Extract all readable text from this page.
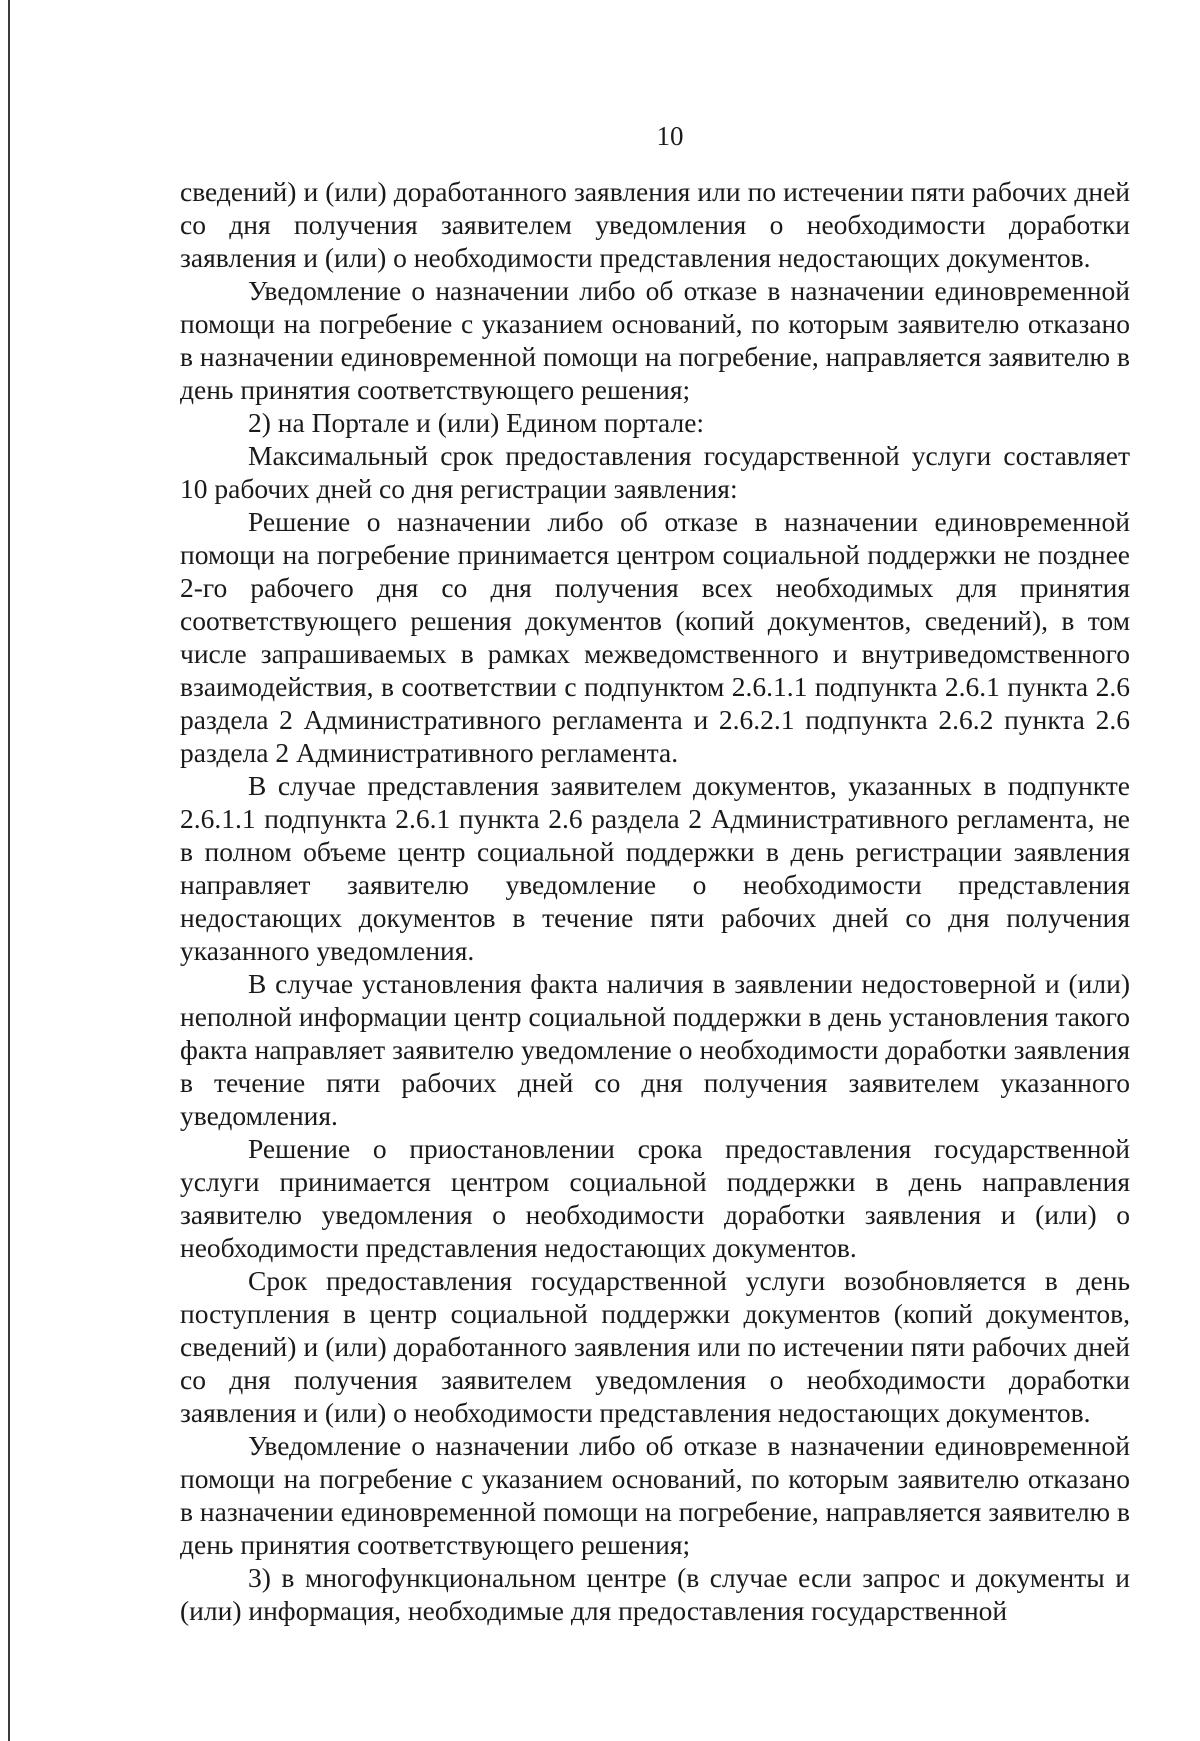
10

сведений) и (или) доработанного заявления или по истечении пяти рабочих дней со дня получения заявителем уведомления о необходимости доработки заявления и (или) о необходимости представления недостающих документов.

Уведомление о назначении либо об отказе в назначении единовременной помощи на погребение с указанием оснований, по которым заявителю отказано в назначении единовременной помощи на погребение, направляется заявителю в день принятия соответствующего решения;

2) на Портале и (или) Едином портале:

Максимальный срок предоставления государственной услуги составляет 10 рабочих дней со дня регистрации заявления:

Решение о назначении либо об отказе в назначении единовременной помощи на погребение принимается центром социальной поддержки не позднее 2-го рабочего дня со дня получения всех необходимых для принятия соответствующего решения документов (копий документов, сведений), в том числе запрашиваемых в рамках межведомственного и внутриведомственного взаимодействия, в соответствии с подпунктом 2.6.1.1 подпункта 2.6.1 пункта 2.6 раздела 2 Административного регламента и 2.6.2.1 подпункта 2.6.2 пункта 2.6 раздела 2 Административного регламента.

В случае представления заявителем документов, указанных в подпункте 2.6.1.1 подпункта 2.6.1 пункта 2.6 раздела 2 Административного регламента, не в полном объеме центр социальной поддержки в день регистрации заявления направляет заявителю уведомление о необходимости представления недостающих документов в течение пяти рабочих дней со дня получения указанного уведомления.

В случае установления факта наличия в заявлении недостоверной и (или) неполной информации центр социальной поддержки в день установления такого факта направляет заявителю уведомление о необходимости доработки заявления в течение пяти рабочих дней со дня получения заявителем указанного уведомления.

Решение о приостановлении срока предоставления государственной услуги принимается центром социальной поддержки в день направления заявителю уведомления о необходимости доработки заявления и (или) о необходимости представления недостающих документов.

Срок предоставления государственной услуги возобновляется в день поступления в центр социальной поддержки документов (копий документов, сведений) и (или) доработанного заявления или по истечении пяти рабочих дней со дня получения заявителем уведомления о необходимости доработки заявления и (или) о необходимости представления недостающих документов.

Уведомление о назначении либо об отказе в назначении единовременной помощи на погребение с указанием оснований, по которым заявителю отказано в назначении единовременной помощи на погребение, направляется заявителю в день принятия соответствующего решения;

3) в многофункциональном центре (в случае если запрос и документы и (или) информация, необходимые для предоставления государственной
